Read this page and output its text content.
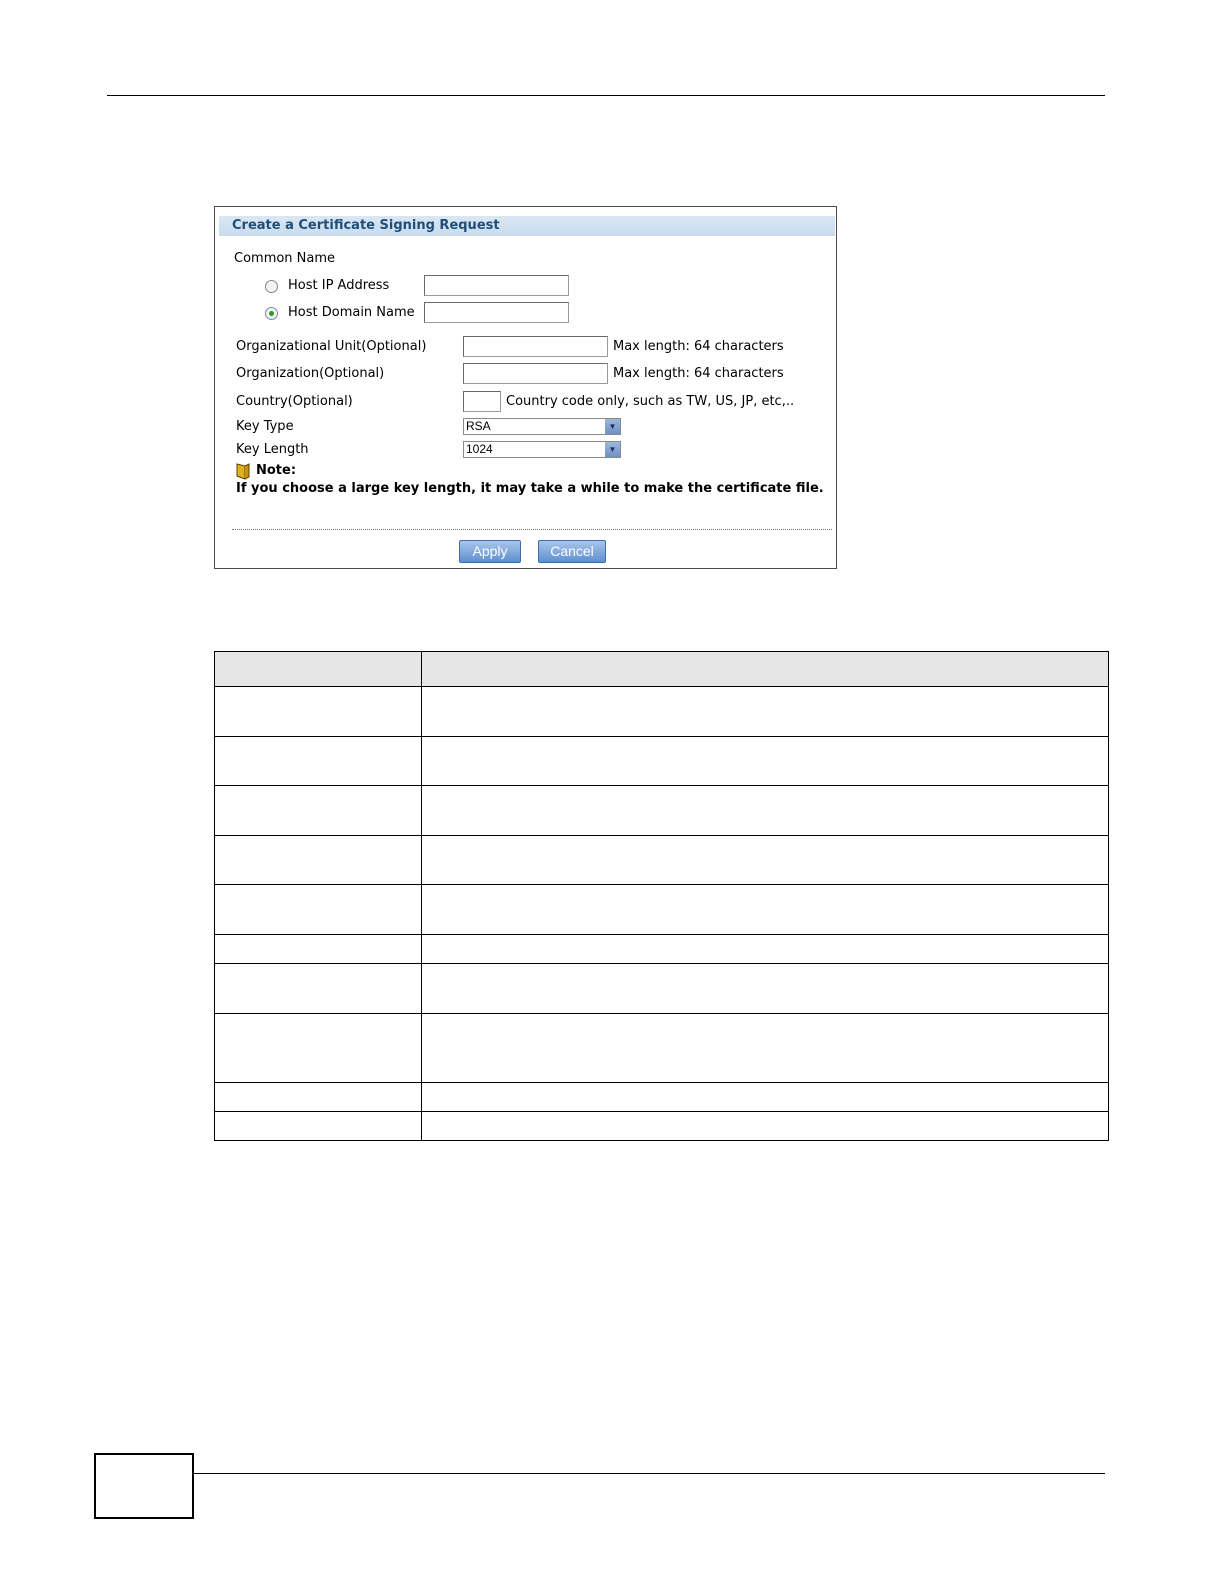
Create a Certificate Signing Request
Common Name
Host IP Address
Host Domain Name
Organizational Unit(Optional)	Max length: 64 characters
Organization(Optional)	Max length: 64 characters
Country(Optional)	Country code only, such as TW, US, JP, etc,..
Key Type	RSA	▼
Key Length	1024	▼
Note:
If you choose a large key length, it may take a while to make the certificate file.
Apply	Cancel
